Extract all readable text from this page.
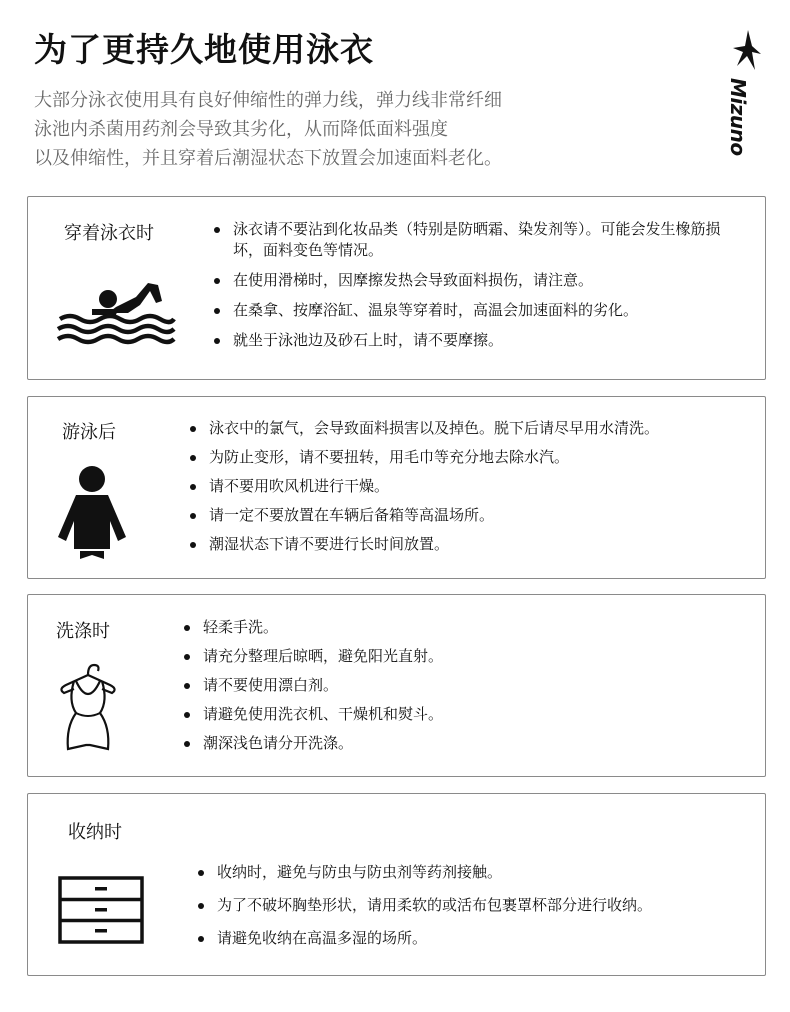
为了更持久地使用泳衣
大部分泳衣使用具有良好伸缩性的弹力线，弹力线非常纤细
泳池内杀菌用药剂会导致其劣化，从而降低面料强度
以及伸缩性，并且穿着后潮湿状态下放置会加速面料老化。
Mizuno
穿着泳衣时	泳衣请不要沾到化妆品类（特别是防晒霜、染发剂等）。可能会发生橡筋损坏，面料变色等情况。
在使用滑梯时，因摩擦发热会导致面料损伤，请注意。
在桑拿、按摩浴缸、温泉等穿着时，高温会加速面料的劣化。
就坐于泳池边及砂石上时，请不要摩擦。
游泳后	泳衣中的氯气，会导致面料损害以及掉色。脱下后请尽早用水清洗。
为防止变形，请不要扭转，用毛巾等充分地去除水汽。
请不要用吹风机进行干燥。
请一定不要放置在车辆后备箱等高温场所。
潮湿状态下请不要进行长时间放置。
洗涤时	轻柔手洗。
请充分整理后晾晒，避免阳光直射。
请不要使用漂白剂。
请避免使用洗衣机、干燥机和熨斗。
潮深浅色请分开洗涤。
收纳时
收纳时，避免与防虫与防虫剂等药剂接触。
为了不破坏胸垫形状，请用柔软的或活布包裹罩杯部分进行收纳。
请避免收纳在高温多湿的场所。
